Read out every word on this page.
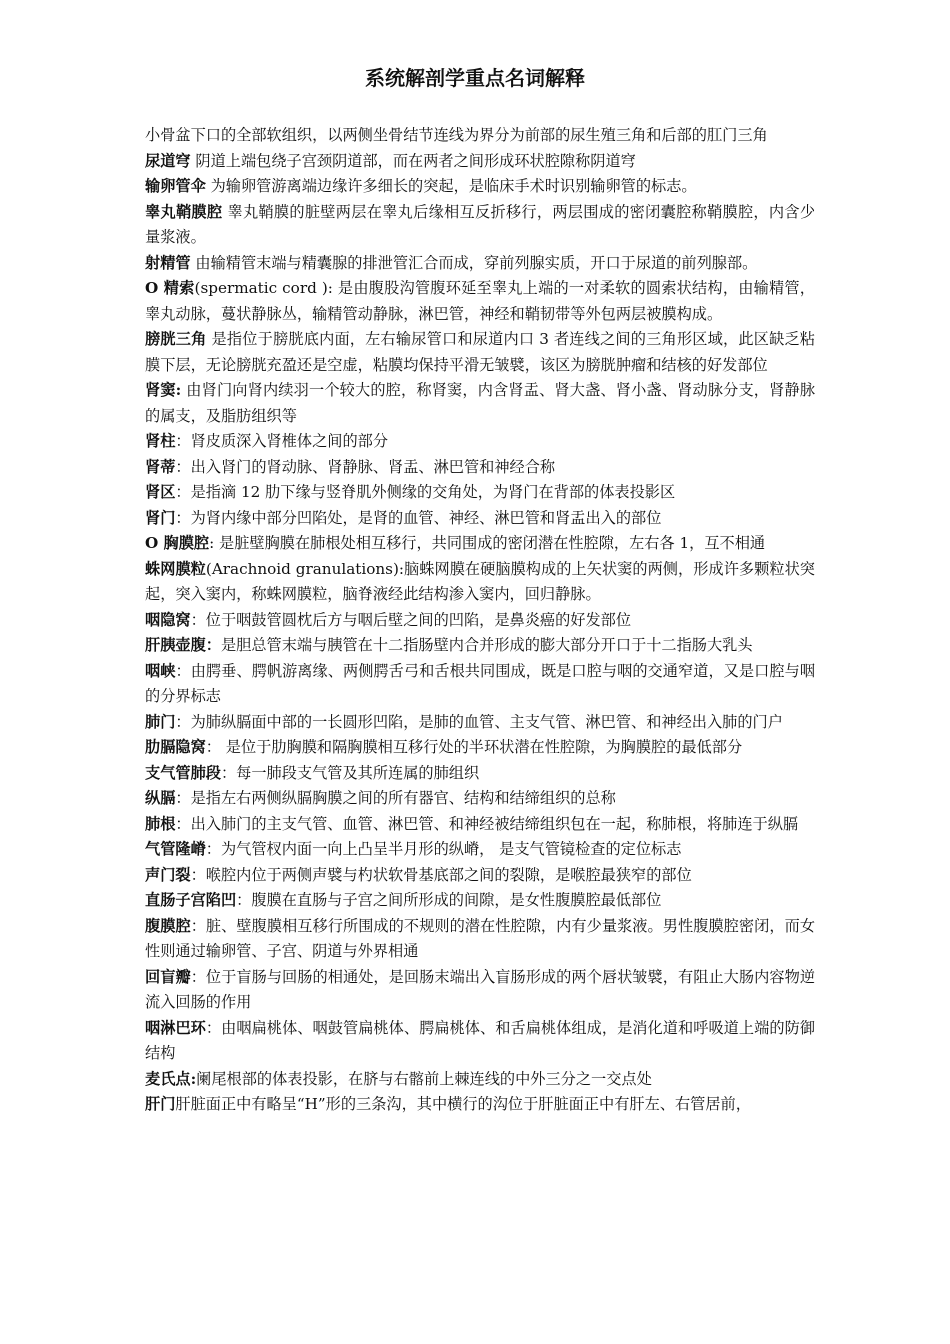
系统解剖学重点名词解释

小骨盆下口的全部软组织，以两侧坐骨结节连线为界分为前部的尿生殖三角和后部的肛门三角

尿道穹 阴道上端包绕子宫颈阴道部，而在两者之间形成环状腔隙称阴道穹

输卵管伞 为输卵管游离端边缘许多细长的突起，是临床手术时识别输卵管的标志。

睾丸鞘膜腔 睾丸鞘膜的脏壁两层在睾丸后缘相互反折移行，两层围成的密闭囊腔称鞘膜腔，内含少量浆液。

射精管 由输精管末端与精囊腺的排泄管汇合而成，穿前列腺实质，开口于尿道的前列腺部。

O 精索(spermatic cord ): 是由腹股沟管腹环延至睾丸上端的一对柔软的圆索状结构，由输精管，睾丸动脉，蔓状静脉丛，输精管动静脉，淋巴管，神经和鞘韧带等外包两层被膜构成。

膀胱三角 是指位于膀胱底内面，左右输尿管口和尿道内口 3 者连线之间的三角形区域，此区缺乏粘膜下层，无论膀胱充盈还是空虚，粘膜均保持平滑无皱襞，该区为膀胱肿瘤和结核的好发部位

肾窦: 由肾门向肾内续羽一个较大的腔，称肾窦，内含肾盂、肾大盏、肾小盏、肾动脉分支，肾静脉的属支，及脂肪组织等

肾柱：肾皮质深入肾椎体之间的部分

肾蒂：出入肾门的肾动脉、肾静脉、肾盂、淋巴管和神经合称

肾区：是指滴 12 肋下缘与竖脊肌外侧缘的交角处，为肾门在背部的体表投影区

肾门：为肾内缘中部分凹陷处，是肾的血管、神经、淋巴管和肾盂出入的部位

O 胸膜腔: 是脏壁胸膜在肺根处相互移行，共同围成的密闭潜在性腔隙，左右各 1，互不相通

蛛网膜粒(Arachnoid granulations):脑蛛网膜在硬脑膜构成的上矢状窦的两侧，形成许多颗粒状突起，突入窦内，称蛛网膜粒，脑脊液经此结构渗入窦内，回归静脉。

咽隐窝：位于咽鼓管圆枕后方与咽后壁之间的凹陷，是鼻炎癌的好发部位

肝胰壶腹：是胆总管末端与胰管在十二指肠壁内合并形成的膨大部分开口于十二指肠大乳头

咽峡：由腭垂、腭帆游离缘、两侧腭舌弓和舌根共同围成，既是口腔与咽的交通窄道，又是口腔与咽的分界标志

肺门：为肺纵膈面中部的一长圆形凹陷，是肺的血管、主支气管、淋巴管、和神经出入肺的门户

肋膈隐窝： 是位于肋胸膜和隔胸膜相互移行处的半环状潜在性腔隙，为胸膜腔的最低部分

支气管肺段：每一肺段支气管及其所连属的肺组织

纵膈：是指左右两侧纵膈胸膜之间的所有器官、结构和结缔组织的总称

肺根：出入肺门的主支气管、血管、淋巴管、和神经被结缔组织包在一起，称肺根，将肺连于纵膈

气管隆嵴：为气管杈内面一向上凸呈半月形的纵嵴， 是支气管镜检查的定位标志

声门裂：喉腔内位于两侧声襞与杓状软骨基底部之间的裂隙，是喉腔最狭窄的部位

直肠子宫陷凹：腹膜在直肠与子宫之间所形成的间隙，是女性腹膜腔最低部位

腹膜腔：脏、壁腹膜相互移行所围成的不规则的潜在性腔隙，内有少量浆液。男性腹膜腔密闭，而女性则通过输卵管、子宫、阴道与外界相通

回盲瓣：位于盲肠与回肠的相通处，是回肠末端出入盲肠形成的两个唇状皱襞，有阻止大肠内容物逆流入回肠的作用

咽淋巴环：由咽扁桃体、咽鼓管扁桃体、腭扁桃体、和舌扁桃体组成，是消化道和呼吸道上端的防御结构

麦氏点:阑尾根部的体表投影，在脐与右髂前上棘连线的中外三分之一交点处

肝门肝脏面正中有略呈“H”形的三条沟，其中横行的沟位于肝脏面正中有肝左、右管居前，
